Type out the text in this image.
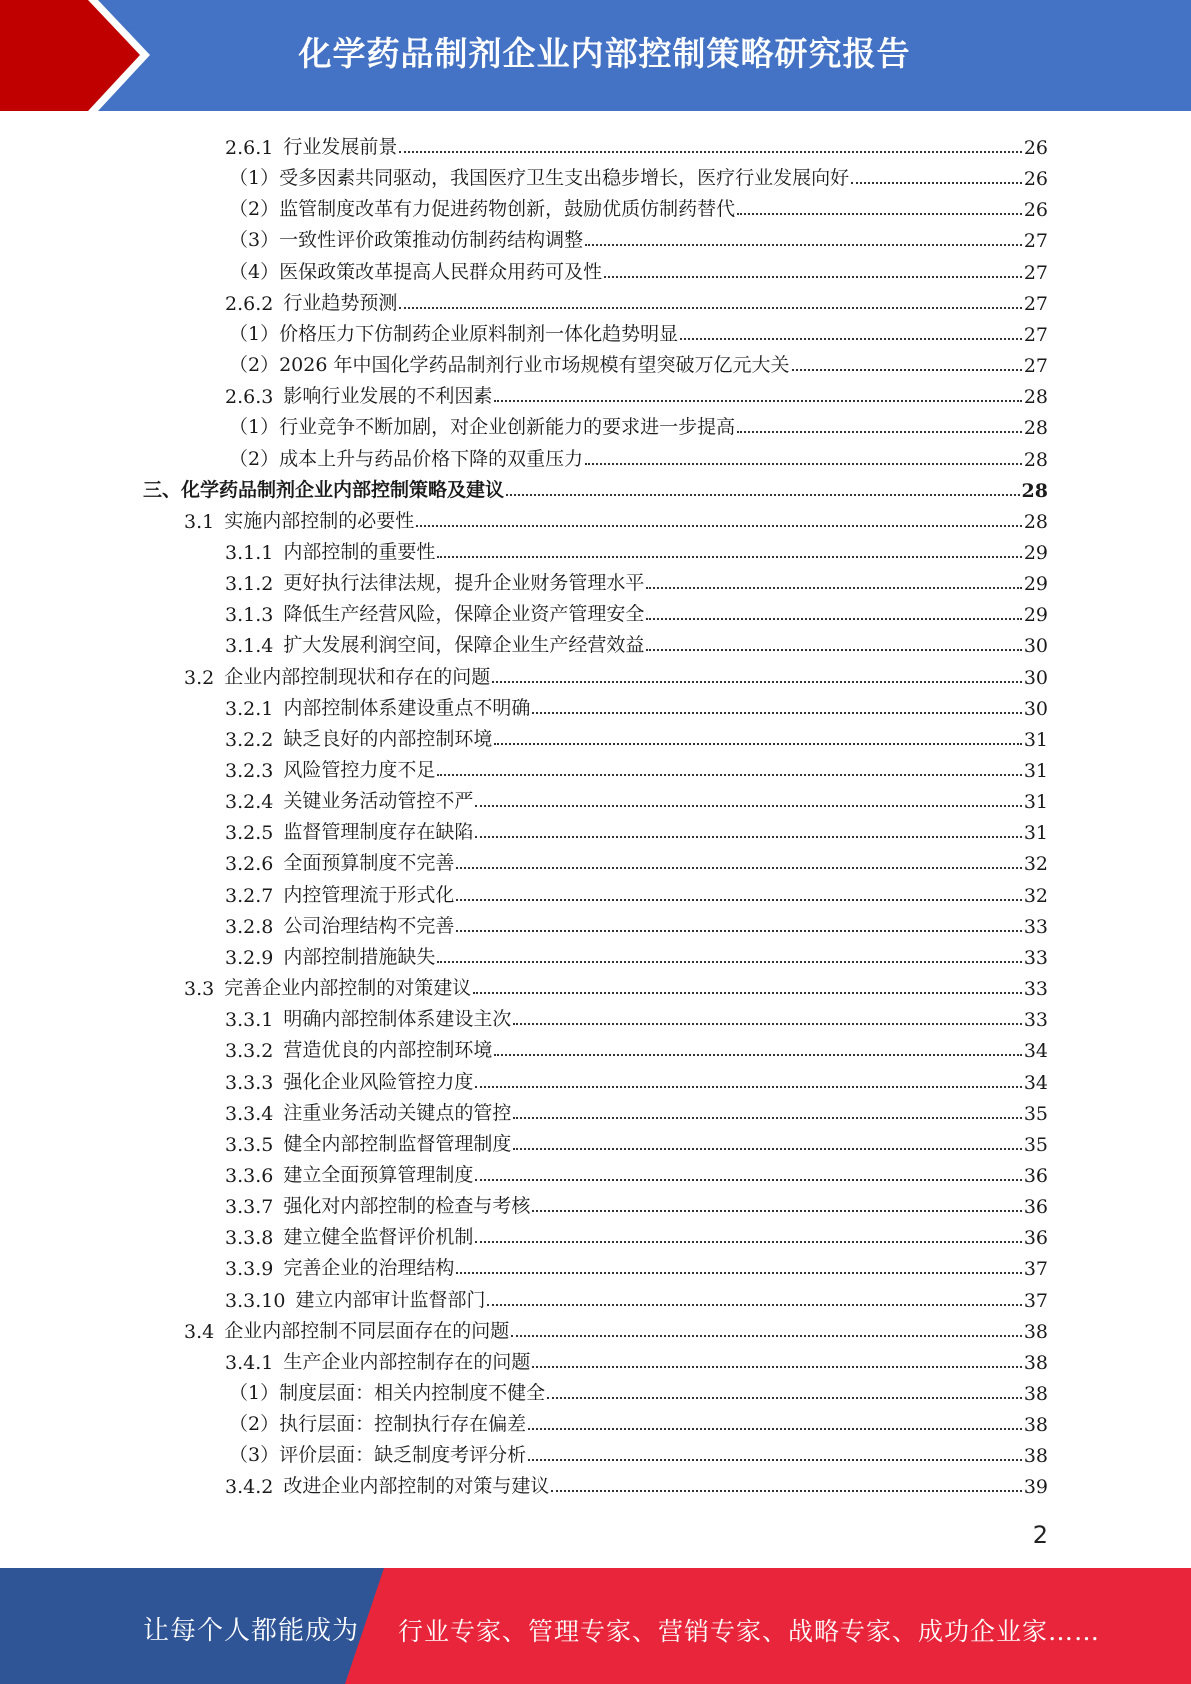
化学药品制剂企业内部控制策略研究报告
2.6.1 行业发展前景	26
（1） 受多因素共同驱动，我国医疗卫生支出稳步增长，医疗行业发展向好	26
（2） 监管制度改革有力促进药物创新，鼓励优质仿制药替代	26
（3） 一致性评价政策推动仿制药结构调整	27
（4） 医保政策改革提高人民群众用药可及性	27
2.6.2 行业趋势预测	27
（1） 价格压力下仿制药企业原料制剂一体化趋势明显	27
（2） 2026 年中国化学药品制剂行业市场规模有望突破万亿元大关	27
2.6.3 影响行业发展的不利因素	28
（1） 行业竞争不断加剧，对企业创新能力的要求进一步提高	28
（2） 成本上升与药品价格下降的双重压力	28
三、 化学药品制剂企业内部控制策略及建议	28
3.1 实施内部控制的必要性	28
3.1.1 内部控制的重要性	29
3.1.2 更好执行法律法规，提升企业财务管理水平	29
3.1.3 降低生产经营风险，保障企业资产管理安全	29
3.1.4 扩大发展利润空间，保障企业生产经营效益	30
3.2 企业内部控制现状和存在的问题	30
3.2.1 内部控制体系建设重点不明确	30
3.2.2 缺乏良好的内部控制环境	31
3.2.3 风险管控力度不足	31
3.2.4 关键业务活动管控不严	31
3.2.5 监督管理制度存在缺陷	31
3.2.6 全面预算制度不完善	32
3.2.7 内控管理流于形式化	32
3.2.8 公司治理结构不完善	33
3.2.9 内部控制措施缺失	33
3.3 完善企业内部控制的对策建议	33
3.3.1 明确内部控制体系建设主次	33
3.3.2 营造优良的内部控制环境	34
3.3.3 强化企业风险管控力度	34
3.3.4 注重业务活动关键点的管控	35
3.3.5 健全内部控制监督管理制度	35
3.3.6 建立全面预算管理制度	36
3.3.7 强化对内部控制的检查与考核	36
3.3.8 建立健全监督评价机制	36
3.3.9 完善企业的治理结构	37
3.3.10 建立内部审计监督部门	37
3.4 企业内部控制不同层面存在的问题	38
3.4.1 生产企业内部控制存在的问题	38
（1） 制度层面：相关内控制度不健全	38
（2） 执行层面：控制执行存在偏差	38
（3） 评价层面：缺乏制度考评分析	38
3.4.2 改进企业内部控制的对策与建议	39
2
让每个人都能成为 行业专家、管理专家、营销专家、战略专家、成功企业家……
